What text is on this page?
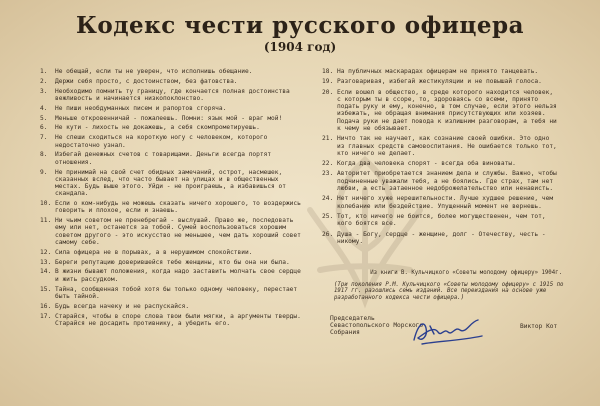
Кодекс чести русского офицера
(1904 год)
1.	Не обещай, если ты не уверен, что исполнишь обещание.
2.	Держи себя просто, с достоинством, без фатовства.
3.	Необходимо помнить ту границу, где кончается полная достоинства вежливость и начинается низкопоклонство.
4.	Не пиши необдуманных писем и рапортов сгоряча.
5.	Меньше откровенничай - пожалеешь. Помни: язык мой - враг мой!
6.	Не кути - лихость не докажешь, а себя скомпрометируешь.
7.	Не спеши сходиться на короткую ногу с человеком, которого недостаточно узнал.
8.	Избегай денежных счетов с товарищами. Деньги всегда портят отношения.
9.	Не принимай на свой счет обидных замечаний, острот, насмешек, сказанных вслед, что часто бывает на улицах и в общественных местах. Будь выше этого. Уйди - не проиграешь, а избавишься от скандала.
10. Если о ком-нибудь не можешь сказать ничего хорошего, то воздержись говорить и плохое, если и знаешь.
11. Ни чьим советом не пренебрегай - выслушай. Право же, последовать ему или нет, останется за тобой. Сумей воспользоваться хорошим советом другого - это искусство не меньшее, чем дать хороший совет самому себе.
12. Сила офицера не в порывах, а в нерушимом спокойствии.
13. Береги репутацию доверившейся тебе женщины, кто бы она ни была.
14. В жизни бывают положения, когда надо заставить молчать свое сердце и жить рассудком.
15. Тайна, сообщенная тобой хотя бы только одному человеку, перестает быть тайной.
16. Будь всегда начеку и не распускайся.
17. Старайся, чтобы в споре слова твои были мягки, а аргументы тверды. Старайся не досадить противнику, а убедить его.
18. На публичных маскарадах офицерам не принято танцевать.
19. Разговаривая, избегай жестикуляции и не повышай голоса.
20. Если вошел в общество, в среде которого находится человек, с которым ты в ссоре, то, здороваясь со всеми, принято подать руку и ему, конечно, в том случае, если этого нельзя избежать, не обращая внимания присутствующих или хозяев. Подача руки не дает повода к излишним разговорам, а тебя ни к чему не обязывает.
21. Ничто так не научает, как сознание своей ошибки. Это одно из главных средств самовоспитания. Не ошибается только тот, кто ничего не делает.
22. Когда два человека спорят - всегда оба виноваты.
23. Авторитет приобретается знанием дела и службы. Важно, чтобы подчиненные уважали тебя, а не боялись. Где страх, там нет любви, а есть затаенное недоброжелательство или ненависть.
24. Нет ничего хуже нерешительности. Лучше худшее решение, чем колебание или бездействие. Упущенный момент не вернешь.
25. Тот, кто ничего не боится, более могущественен, чем тот, кого боятся все.
26. Душа - Богу, сердце - женщине, долг - Отечеству, честь - никому.
Из книги В. Кульчицкого «Советы молодому офицеру» 1904г.
(Три поколения Р.М. Кульчицкого «Советы молодому офицеру» с 1915 по 1917 гг. разошлись семь изданий. Все переиздания на основе уже разработанного кодекса чести офицера.)
Председатель Севастопольского Морского Собрания
Виктор Кот
